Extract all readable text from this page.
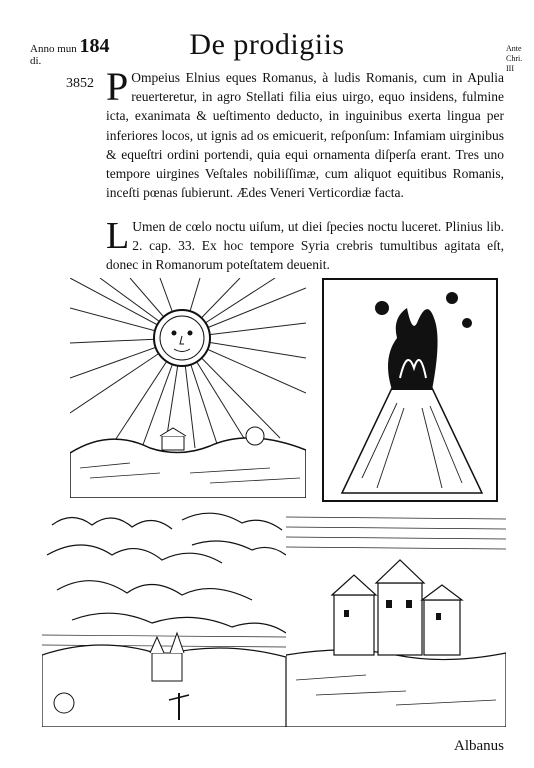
Anno mun 184
di.	De prodigiis	Ante Chri. III
3852 P Ompeius Elnius eques Romanus, à ludis Romanis, cum in Apulia reuerteretur, in agro Stellati filia eius uirgo, equo insidens, fulmine icta, exanimata & ueſtimento deducto, in inguinibus exerta lingua per inferiores locos, ut ignis ad os emicuerit, reſponſum: Infamiam uirginibus & equeſtri ordini portendi, quia equi ornamenta diſperſa erant. Tres uno tempore uirgines Veſtales nobiliſſimæ, cum aliquot equitibus Romanis, inceſti pœnas ſubierunt. Ædes Veneri Verticordiæ facta.
L Umen de cœlo noctu uiſum, ut diei ſpecies noctu luceret. Plinius lib. 2. cap. 33. Ex hoc tempore Syria crebris tumultibus agitata eſt, donec in Romanorum poteſtatem deuenit.
Albanus
